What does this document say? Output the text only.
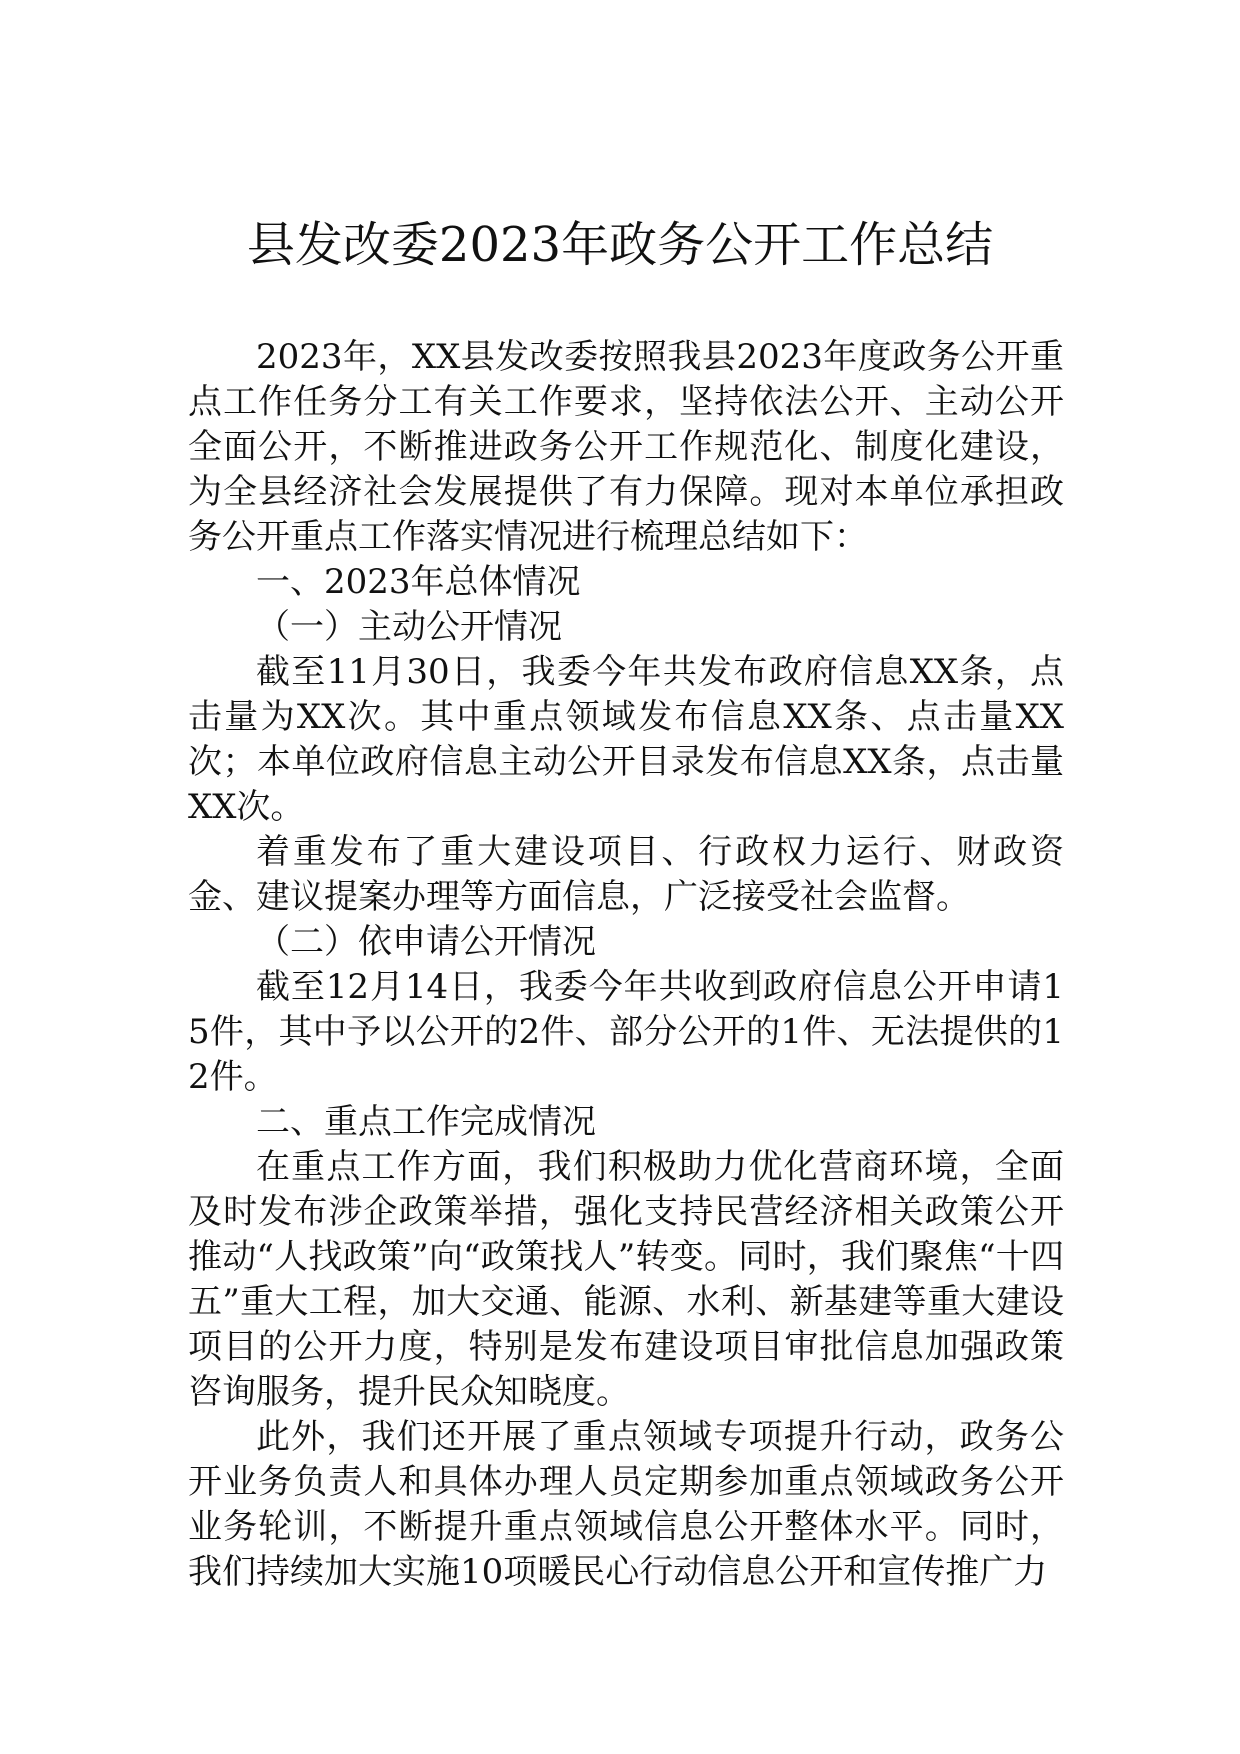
县发改委2023年政务公开工作总结

2023年，XX县发改委按照我县2023年度政务公开重点工作任务分工有关工作要求，坚持依法公开、主动公开全面公开，不断推进政务公开工作规范化、制度化建设，为全县经济社会发展提供了有力保障。现对本单位承担政务公开重点工作落实情况进行梳理总结如下：

一、2023年总体情况

（一）主动公开情况

截至11月30日，我委今年共发布政府信息XX条，点击量为XX次。其中重点领域发布信息XX条、点击量XX次；本单位政府信息主动公开目录发布信息XX条，点击量XX次。

着重发布了重大建设项目、行政权力运行、财政资金、建议提案办理等方面信息，广泛接受社会监督。

（二）依申请公开情况

截至12月14日，我委今年共收到政府信息公开申请15件，其中予以公开的2件、部分公开的1件、无法提供的12件。

二、重点工作完成情况

在重点工作方面，我们积极助力优化营商环境，全面及时发布涉企政策举措，强化支持民营经济相关政策公开推动“人找政策”向“政策找人”转变。同时，我们聚焦“十四五”重大工程，加大交通、能源、水利、新基建等重大建设项目的公开力度，特别是发布建设项目审批信息加强政策咨询服务，提升民众知晓度。

此外，我们还开展了重点领域专项提升行动，政务公开业务负责人和具体办理人员定期参加重点领域政务公开业务轮训，不断提升重点领域信息公开整体水平。同时，我们持续加大实施10项暖民心行动信息公开和宣传推广力
